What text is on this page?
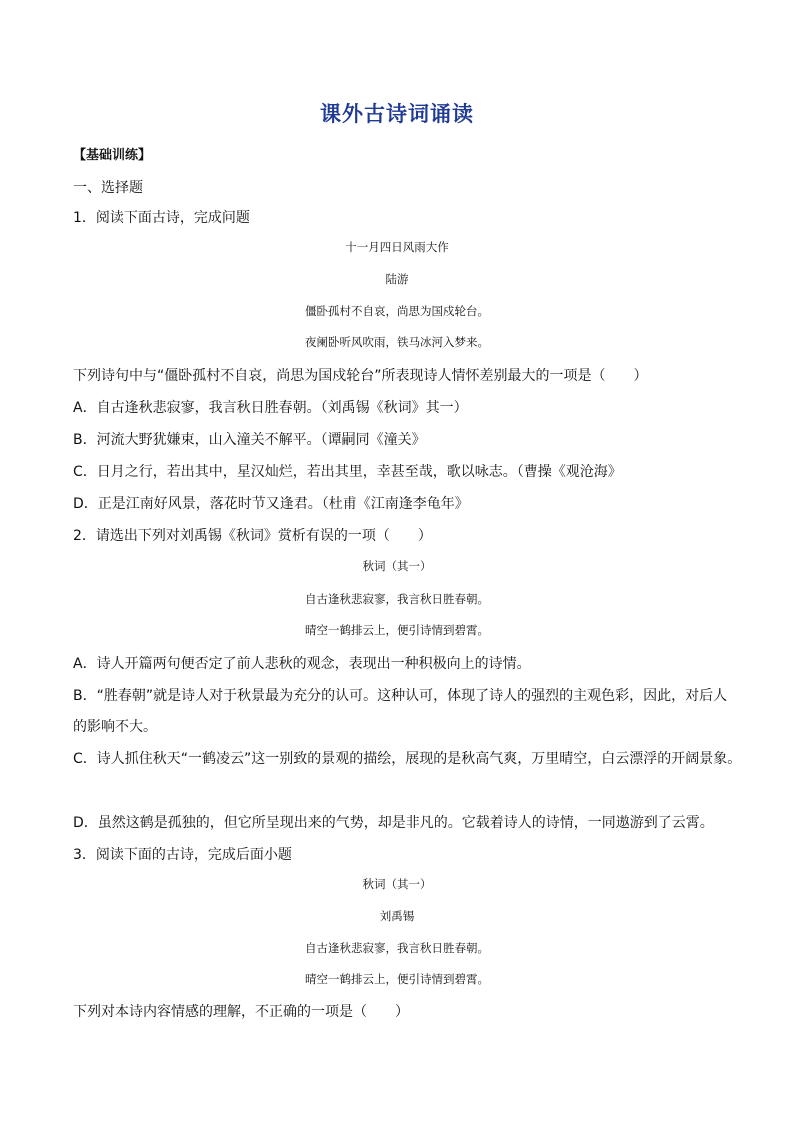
课外古诗词诵读
【基础训练】
一、选择题
1．阅读下面古诗，完成问题
十一月四日风雨大作
陆游
僵卧孤村不自哀，尚思为国戍轮台。
夜阑卧听风吹雨，铁马冰河入梦来。
下列诗句中与“僵卧孤村不自哀，尚思为国戍轮台”所表现诗人情怀差别最大的一项是（　　）
A．自古逢秋悲寂寥，我言秋日胜春朝。（刘禹锡《秋词》其一）
B．河流大野犹嫌束，山入潼关不解平。（谭嗣同《潼关》
C．日月之行，若出其中，星汉灿烂，若出其里，幸甚至哉，歌以咏志。（曹操《观沧海》
D．正是江南好风景，落花时节又逢君。（杜甫《江南逢李龟年》
2．请选出下列对刘禹锡《秋词》赏析有误的一项（　　）
秋词（其一）
自古逢秋悲寂寥，我言秋日胜春朝。
晴空一鹤排云上，便引诗情到碧霄。
A．诗人开篇两句便否定了前人悲秋的观念，表现出一种积极向上的诗情。
B．“胜春朝”就是诗人对于秋景最为充分的认可。这种认可，体现了诗人的强烈的主观色彩，因此，对后人
的影响不大。
C．诗人抓住秋天“一鹤凌云”这一别致的景观的描绘，展现的是秋高气爽，万里晴空，白云漂浮的开阔景象。
D．虽然这鹤是孤独的，但它所呈现出来的气势，却是非凡的。它载着诗人的诗情，一同遨游到了云霄。
3．阅读下面的古诗，完成后面小题
秋词（其一）
刘禹锡
自古逢秋悲寂寥，我言秋日胜春朝。
晴空一鹤排云上，便引诗情到碧霄。
下列对本诗内容情感的理解，不正确的一项是（　　）
